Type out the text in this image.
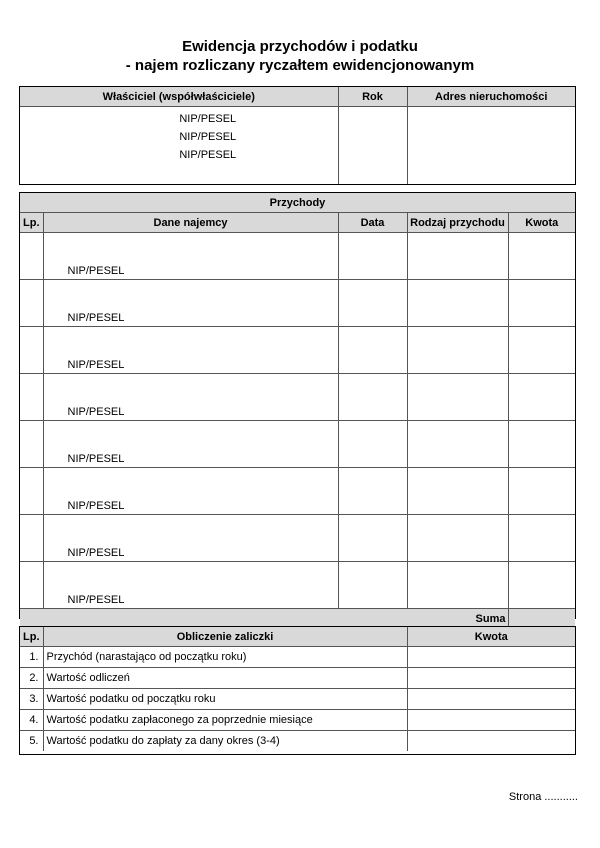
Ewidencja przychodów i podatku
- najem rozliczany ryczałtem ewidencjonowanym
Właściciel (współwłaściciele)	Rok	Adres nieruchomości

NIP/PESEL
NIP/PESEL
NIP/PESEL		

Przychody				
Lp.	Dane najemcy	Data	Rodzaj przychodu	Kwota
	NIP/PESEL			
	NIP/PESEL			
	NIP/PESEL			
	NIP/PESEL			
	NIP/PESEL			
	NIP/PESEL			
	NIP/PESEL			
	NIP/PESEL			
Suma				
Lp.	Obliczenie zaliczki	Kwota
1.	Przychód (narastająco od początku roku)	
2.	Wartość odliczeń	
3.	Wartość podatku od początku roku	
4.	Wartość podatku zapłaconego za poprzednie miesiące	
5.	Wartość podatku do zapłaty za dany okres (3-4)	
Strona ...........
